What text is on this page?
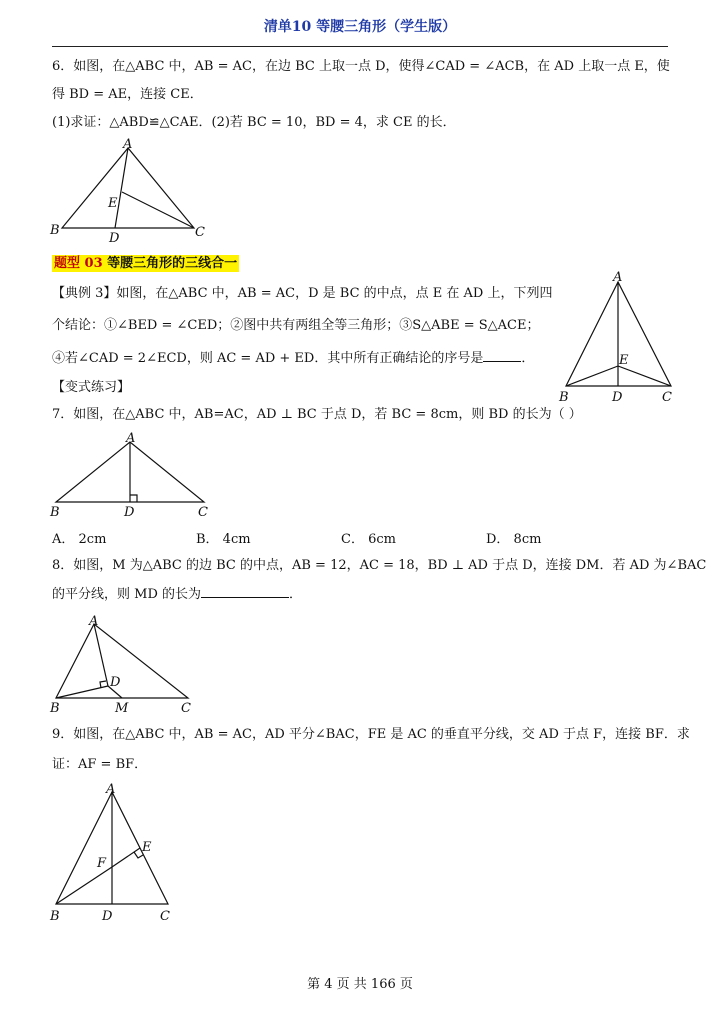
清单10 等腰三角形（学生版）
6．如图，在△ABC 中，AB = AC，在边 BC 上取一点 D，使得∠CAD = ∠ACB，在 AD 上取一点 E，使
得 BD = AE，连接 CE．
(1)求证：△ABD≌△CAE．(2)若 BC = 10，BD = 4，求 CE 的长．
A
B	C
D
E
题型 03 等腰三角形的三线合一
【典例 3】如图，在△ABC 中，AB = AC，D 是 BC 的中点，点 E 在 AD 上，下列四
个结论：①∠BED = ∠CED；②图中共有两组全等三角形；③S△ABE = S△ACE；
④若∠CAD = 2∠ECD，则 AC = AD + ED．其中所有正确结论的序号是	．
A
B	C
D
E
【变式练习】
7．如图，在△ABC 中，AB=AC，AD ⊥ BC 于点 D，若 BC = 8cm，则 BD 的长为（ ）
A
B	C
D
A． 2cm	B． 4cm	C． 6cm	D． 8cm
8．如图，M 为△ABC 的边 BC 的中点，AB = 12，AC = 18，BD ⊥ AD 于点 D，连接 DM．若 AD 为∠BAC
的平分线，则 MD 的长为	．
A
B	C
D
M
9．如图，在△ABC 中，AB = AC，AD 平分∠BAC，FE 是 AC 的垂直平分线，交 AD 于点 F，连接 BF．求
证：AF = BF．
A
B	C
D
E
F
第 4 页 共 166 页
